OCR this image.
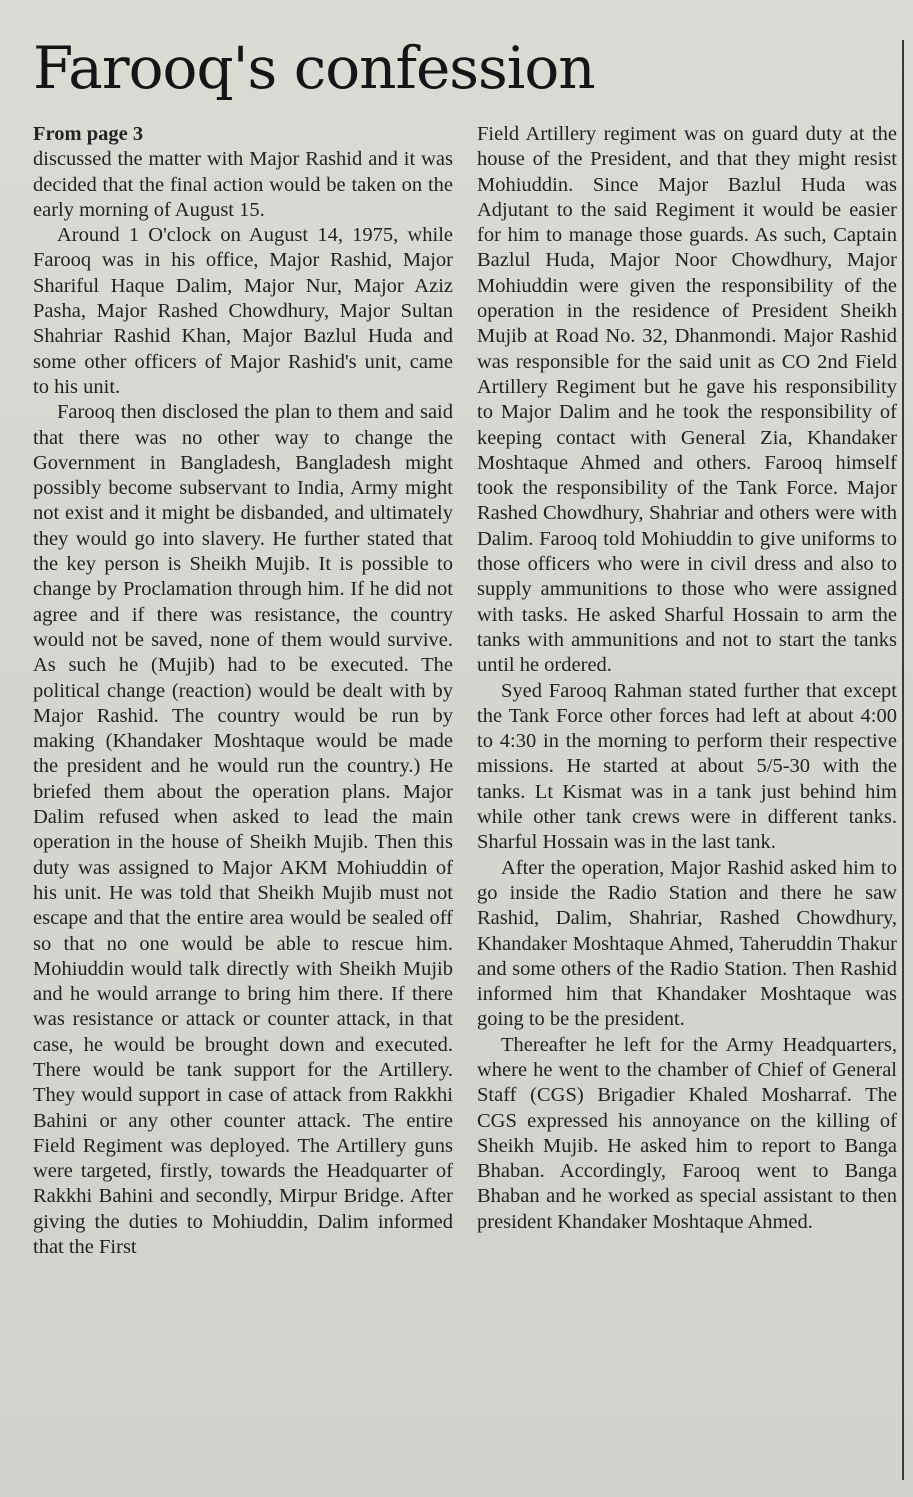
Farooq's confession
From page 3

discussed the matter with Major Rashid and it was decided that the final action would be taken on the early morning of August 15.

Around 1 O'clock on August 14, 1975, while Farooq was in his office, Major Rashid, Major Shariful Haque Dalim, Major Nur, Major Aziz Pasha, Major Rashed Chowdhury, Major Sultan Shahriar Rashid Khan, Major Bazlul Huda and some other officers of Major Rashid's unit, came to his unit.

Farooq then disclosed the plan to them and said that there was no other way to change the Government in Bangladesh, Bangladesh might possibly become subservant to India, Army might not exist and it might be disbanded, and ultimately they would go into slavery. He further stated that the key person is Sheikh Mujib. It is possible to change by Proclamation through him. If he did not agree and if there was resistance, the country would not be saved, none of them would survive. As such he (Mujib) had to be executed. The political change (reaction) would be dealt with by Major Rashid. The country would be run by making (Khandaker Moshtaque would be made the president and he would run the country.) He briefed them about the operation plans. Major Dalim refused when asked to lead the main operation in the house of Sheikh Mujib. Then this duty was assigned to Major AKM Mohiuddin of his unit. He was told that Sheikh Mujib must not escape and that the entire area would be sealed off so that no one would be able to rescue him. Mohiuddin would talk directly with Sheikh Mujib and he would arrange to bring him there. If there was resistance or attack or counter attack, in that case, he would be brought down and executed. There would be tank support for the Artillery. They would support in case of attack from Rakkhi Bahini or any other counter attack. The entire Field Regiment was deployed. The Artillery guns were targeted, firstly, towards the Headquarter of Rakkhi Bahini and secondly, Mirpur Bridge. After giving the duties to Mohiuddin, Dalim informed that the First

Field Artillery regiment was on guard duty at the house of the President, and that they might resist Mohiuddin. Since Major Bazlul Huda was Adjutant to the said Regiment it would be easier for him to manage those guards. As such, Captain Bazlul Huda, Major Noor Chowdhury, Major Mohiuddin were given the responsibility of the operation in the residence of President Sheikh Mujib at Road No. 32, Dhanmondi. Major Rashid was responsible for the said unit as CO 2nd Field Artillery Regiment but he gave his responsibility to Major Dalim and he took the responsibility of keeping contact with General Zia, Khandaker Moshtaque Ahmed and others. Farooq himself took the responsibility of the Tank Force. Major Rashed Chowdhury, Shahriar and others were with Dalim. Farooq told Mohiuddin to give uniforms to those officers who were in civil dress and also to supply ammunitions to those who were assigned with tasks. He asked Sharful Hossain to arm the tanks with ammunitions and not to start the tanks until he ordered.

Syed Farooq Rahman stated further that except the Tank Force other forces had left at about 4:00 to 4:30 in the morning to perform their respective missions. He started at about 5/5-30 with the tanks. Lt Kismat was in a tank just behind him while other tank crews were in different tanks. Sharful Hossain was in the last tank.

After the operation, Major Rashid asked him to go inside the Radio Station and there he saw Rashid, Dalim, Shahriar, Rashed Chowdhury, Khandaker Moshtaque Ahmed, Taheruddin Thakur and some others of the Radio Station. Then Rashid informed him that Khandaker Moshtaque was going to be the president.

Thereafter he left for the Army Headquarters, where he went to the chamber of Chief of General Staff (CGS) Brigadier Khaled Mosharraf. The CGS expressed his annoyance on the killing of Sheikh Mujib. He asked him to report to Banga Bhaban. Accordingly, Farooq went to Banga Bhaban and he worked as special assistant to then president Khandaker Moshtaque Ahmed.
